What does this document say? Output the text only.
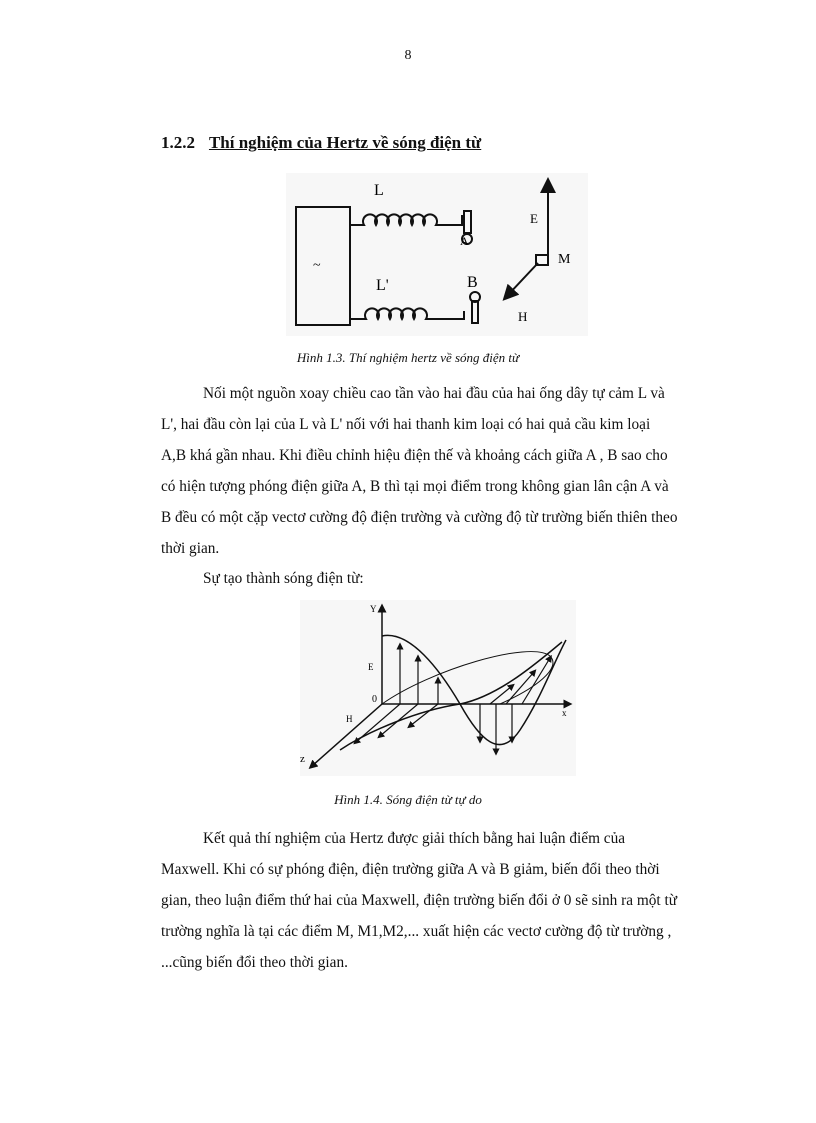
8
1.2.2 Thí nghiệm của Hertz về sóng điện từ
~
L
A
L'	B
E
M
H
Hình 1.3. Thí nghiệm hertz về sóng điện từ
Nối một nguồn xoay chiều cao tần vào hai đầu của hai ống dây tự cảm L và
L', hai đầu còn lại của L và L' nối với hai thanh kim loại có hai quả cầu kim loại
A,B khá gần nhau. Khi điều chỉnh hiệu điện thế và khoảng cách giữa A , B sao cho
có hiện tượng phóng điện giữa A, B thì tại mọi điểm trong không gian lân cận A và
B đều có một cặp vectơ cường độ điện trường và cường độ từ trường biến thiên theo
thời gian.
Sự tạo thành sóng điện từ:
Y
x
z
0
E
H
Hình 1.4. Sóng điện từ tự do
Kết quả thí nghiệm của Hertz được giải thích bằng hai luận điểm của
Maxwell. Khi có sự phóng điện, điện trường giữa A và B giảm, biến đổi theo thời
gian, theo luận điểm thứ hai của Maxwell, điện trường biến đổi ở 0 sẽ sinh ra một từ
trường nghĩa là tại các điểm M, M1,M2,... xuất hiện các vectơ cường độ từ trường ,
...cũng biến đổi theo thời gian.
